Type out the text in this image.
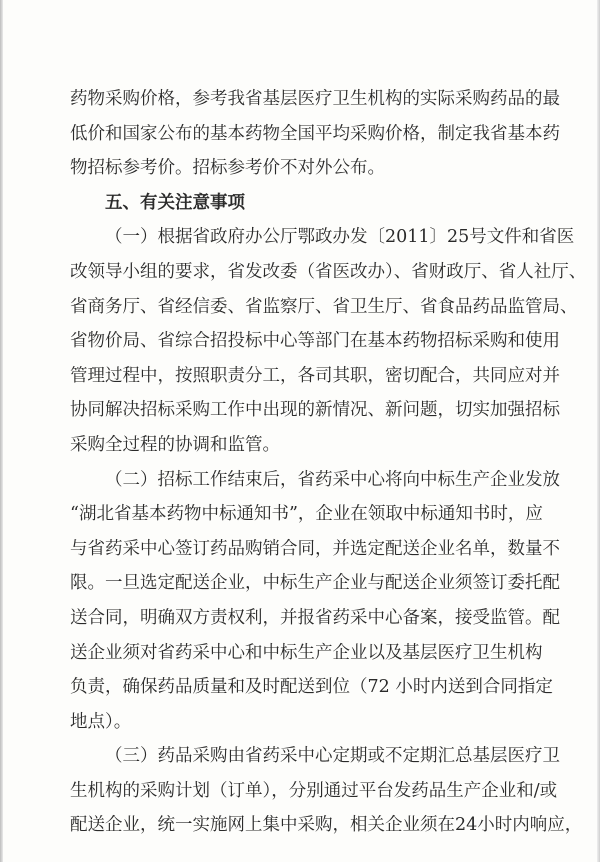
药物采购价格，参考我省基层医疗卫生机构的实际采购药品的最
低价和国家公布的基本药物全国平均采购价格，制定我省基本药
物招标参考价。招标参考价不对外公布。
五、有关注意事项
（一）根据省政府办公厅鄂政办发〔2011〕25号文件和省医
改领导小组的要求，省发改委（省医改办）、省财政厅、省人社厅、
省商务厅、省经信委、省监察厅、省卫生厅、省食品药品监管局、
省物价局、省综合招投标中心等部门在基本药物招标采购和使用
管理过程中，按照职责分工，各司其职，密切配合，共同应对并
协同解决招标采购工作中出现的新情况、新问题，切实加强招标
采购全过程的协调和监管。
（二）招标工作结束后，省药采中心将向中标生产企业发放
“湖北省基本药物中标通知书”，企业在领取中标通知书时，应
与省药采中心签订药品购销合同，并选定配送企业名单，数量不
限。一旦选定配送企业，中标生产企业与配送企业须签订委托配
送合同，明确双方责权利，并报省药采中心备案，接受监管。配
送企业须对省药采中心和中标生产企业以及基层医疗卫生机构
负责，确保药品质量和及时配送到位（72 小时内送到合同指定
地点）。
（三）药品采购由省药采中心定期或不定期汇总基层医疗卫
生机构的采购计划（订单），分别通过平台发药品生产企业和/或
配送企业，统一实施网上集中采购，相关企业须在24小时内响应，
